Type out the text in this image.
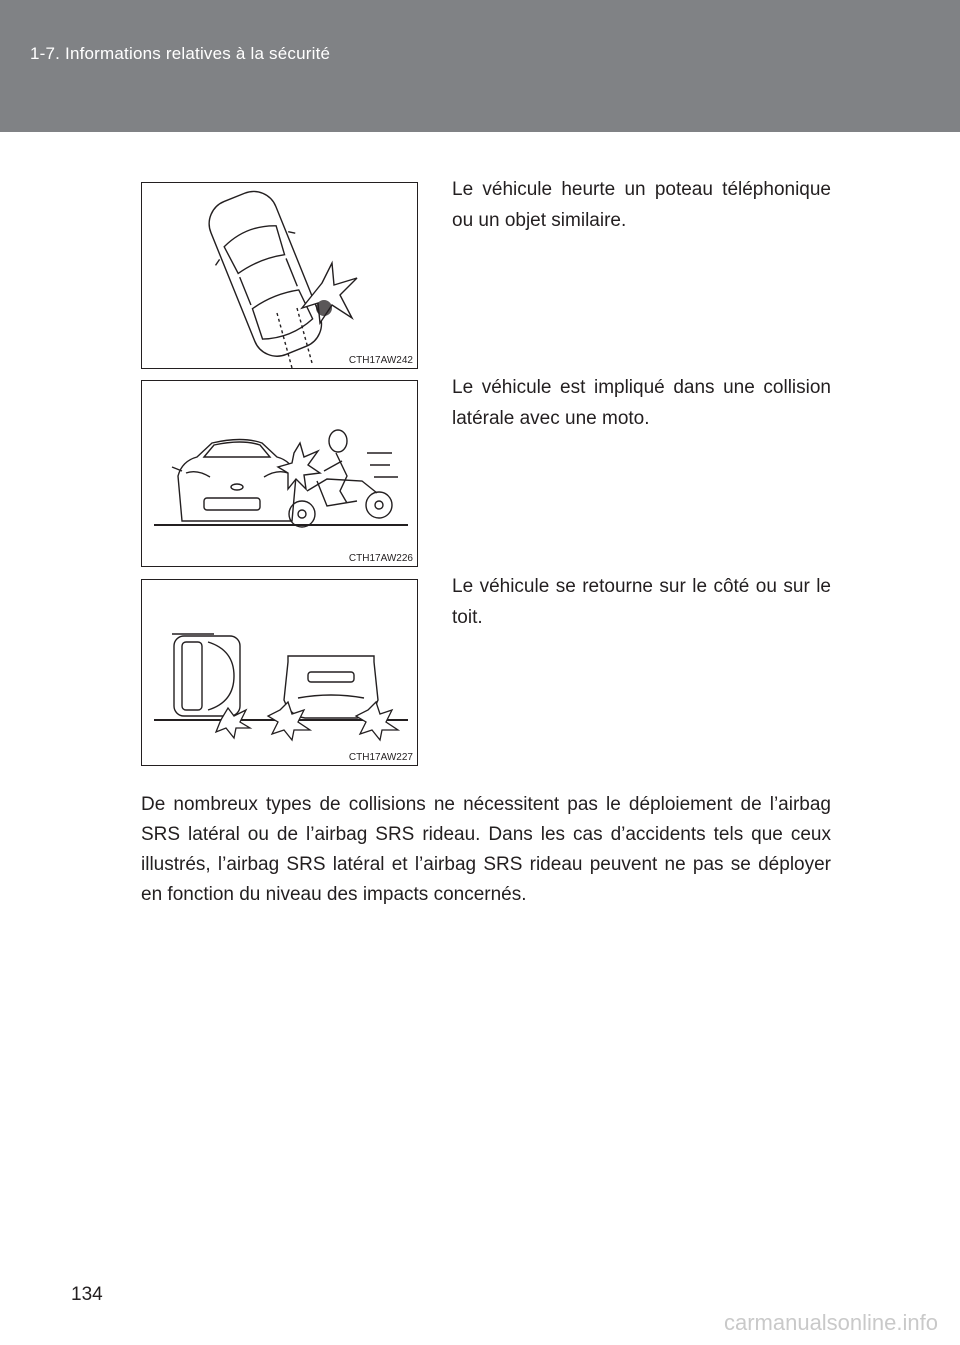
1-7. Informations relatives à la sécurité
CTH17AW242
Le véhicule heurte un poteau téléphonique ou un objet similaire.
CTH17AW226
Le véhicule est impliqué dans une collision latérale avec une moto.
CTH17AW227
Le véhicule se retourne sur le côté ou sur le toit.
De nombreux types de collisions ne nécessitent pas le déploiement de l’airbag SRS latéral ou de l’airbag SRS rideau. Dans les cas d’accidents tels que ceux illustrés, l’airbag SRS latéral et l’airbag SRS rideau peuvent ne pas se déployer en fonction du niveau des impacts concernés.
134
carmanualsonline.info
